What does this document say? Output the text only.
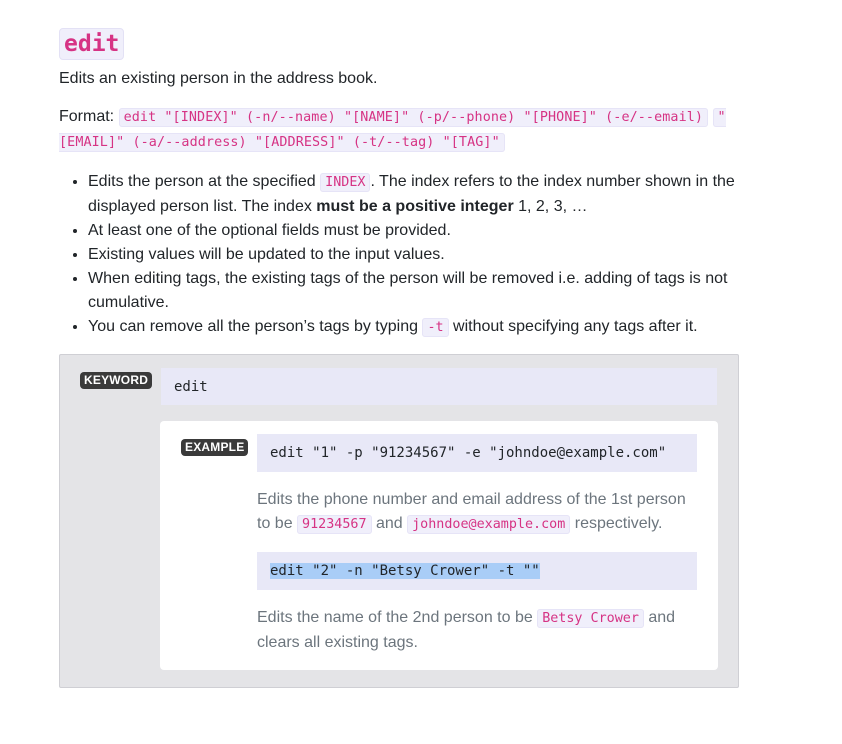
edit

Edits an existing person in the address book.

Format: edit "[INDEX]" (-n/--name) "[NAME]" (-p/--phone) "[PHONE]" (-e/--email) "[EMAIL]" (-a/--address) "[ADDRESS]" (-t/--tag) "[TAG]"

• Edits the person at the specified INDEX . The index refers to the index number shown in the displayed person list. The index must be a positive integer 1, 2, 3, …
• At least one of the optional fields must be provided.
• Existing values will be updated to the input values.
• When editing tags, the existing tags of the person will be removed i.e. adding of tags is not cumulative.
• You can remove all the person’s tags by typing -t without specifying any tags after it.
KEYWORD edit
EXAMPLE edit "1" -p "91234567" -e "johndoe@example.com"

Edits the phone number and email address of the 1st person to be 91234567 and johndoe@example.com respectively.

edit "2" -n "Betsy Crower" -t ""

Edits the name of the 2nd person to be Betsy Crower and clears all existing tags.
